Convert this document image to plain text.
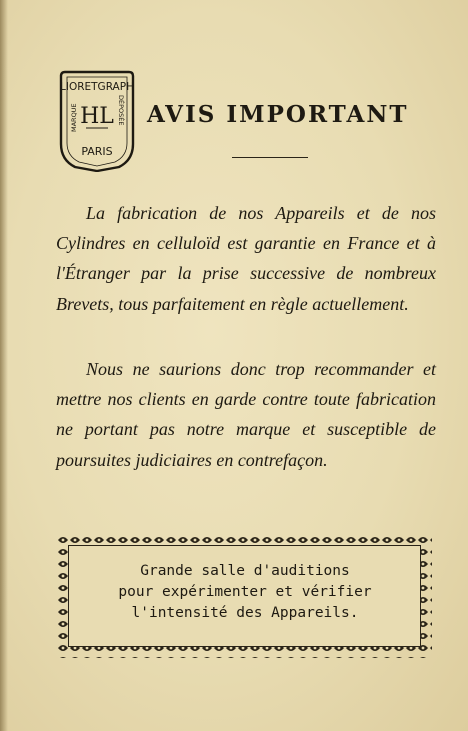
LIORETGRAPH
MARQUE	DÉPOSÉE
HL
PARIS
AVIS IMPORTANT

La fabrication de nos Appareils et de nos Cylindres en celluloïd est garantie en France et à l'Étranger par la prise successive de nombreux Brevets, tous parfaitement en règle actuellement.

Nous ne saurions donc trop recommander et mettre nos clients en garde contre toute fabrication ne portant pas notre marque et susceptible de poursuites judiciaires en contrefaçon.

Grande salle d'auditions
pour expérimenter et vérifier
l'intensité des Appareils.
